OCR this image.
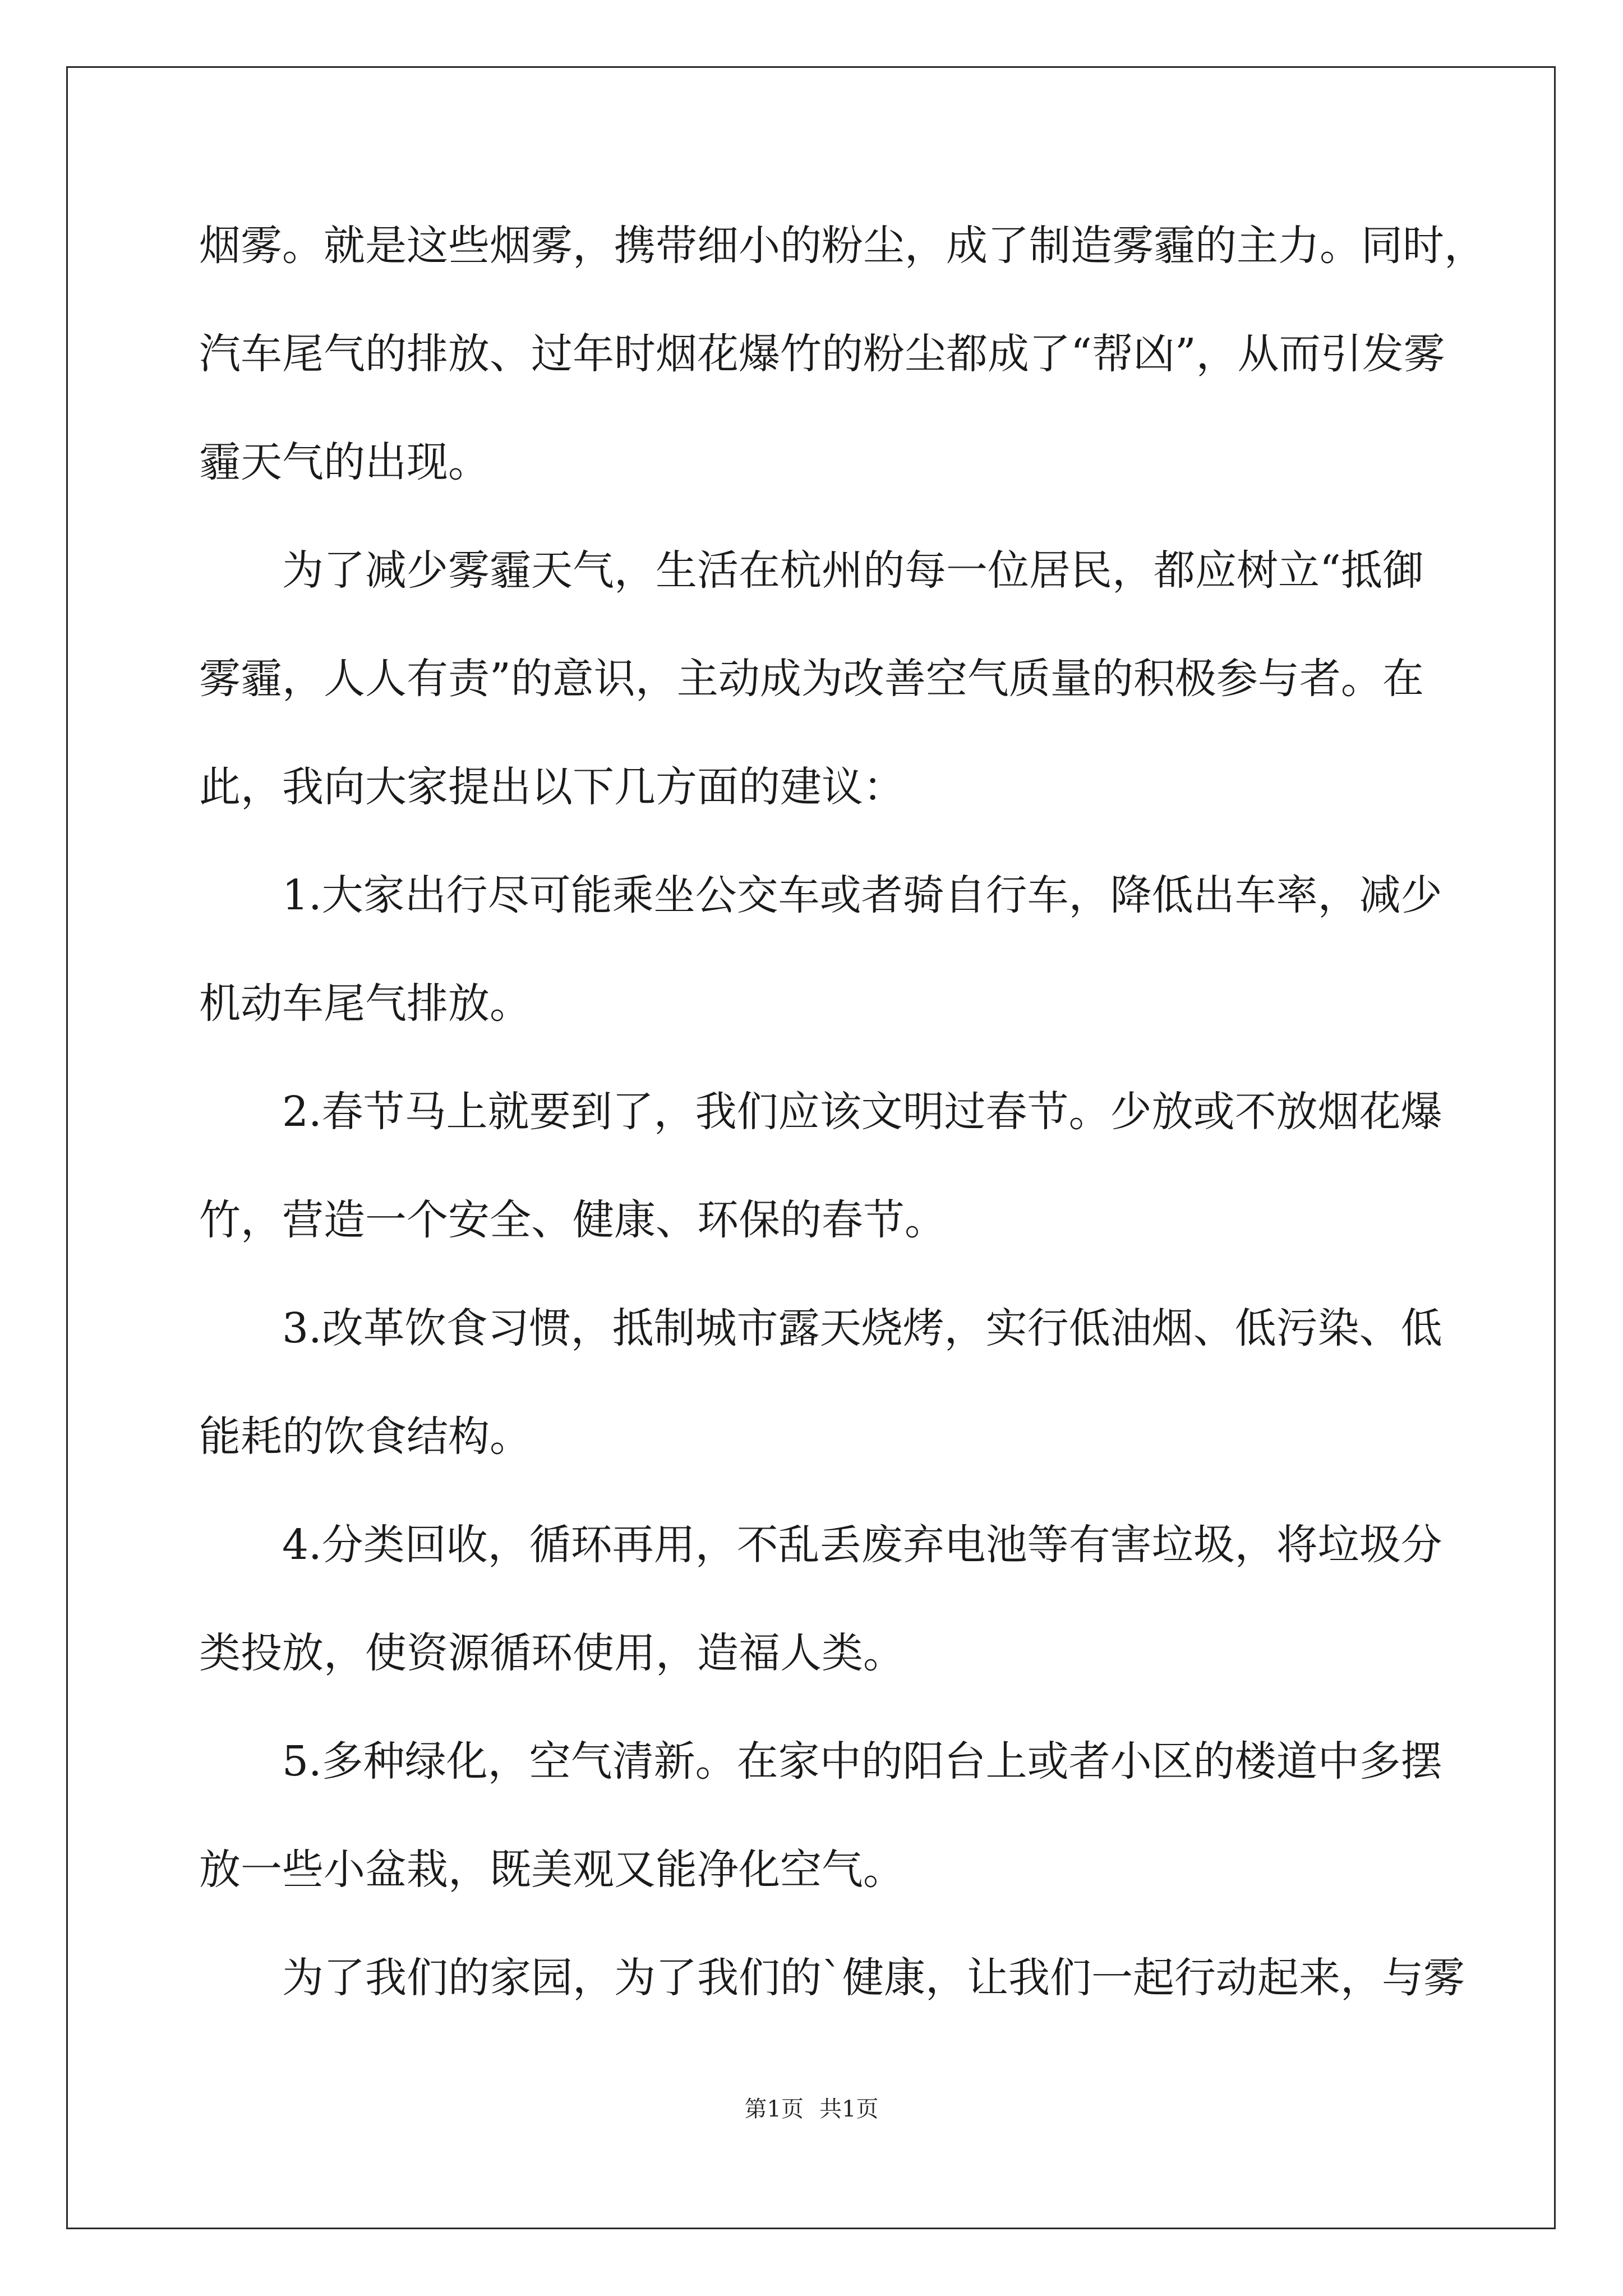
烟雾。就是这些烟雾，携带细小的粉尘，成了制造雾霾的主力。同时，
汽车尾气的排放、过年时烟花爆竹的粉尘都成了“帮凶”，从而引发雾
霾天气的出现。
为了减少雾霾天气，生活在杭州的每一位居民，都应树立“抵御
雾霾，人人有责”的意识，主动成为改善空气质量的积极参与者。在
此，我向大家提出以下几方面的建议：
1.大家出行尽可能乘坐公交车或者骑自行车，降低出车率，减少
机动车尾气排放。
2.春节马上就要到了，我们应该文明过春节。少放或不放烟花爆
竹，营造一个安全、健康、环保的春节。
3.改革饮食习惯，抵制城市露天烧烤，实行低油烟、低污染、低
能耗的饮食结构。
4.分类回收，循环再用，不乱丢废弃电池等有害垃圾，将垃圾分
类投放，使资源循环使用，造福人类。
5.多种绿化，空气清新。在家中的阳台上或者小区的楼道中多摆
放一些小盆栽，既美观又能净化空气。
为了我们的家园，为了我们的`健康，让我们一起行动起来，与雾
第1页 共1页
